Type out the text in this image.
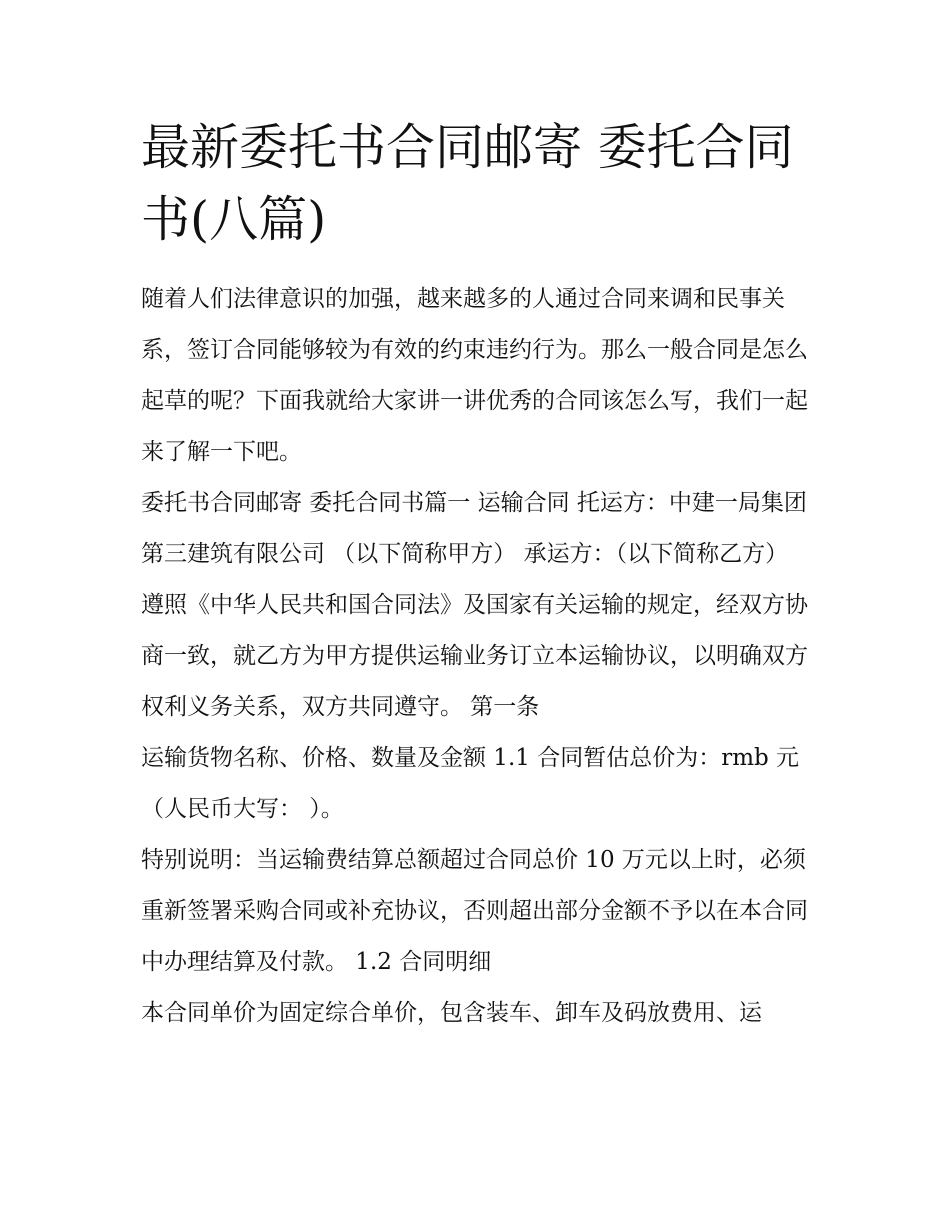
最新委托书合同邮寄 委托合同书(八篇)

随着人们法律意识的加强，越来越多的人通过合同来调和民事关系，签订合同能够较为有效的约束违约行为。那么一般合同是怎么起草的呢？下面我就给大家讲一讲优秀的合同该怎么写，我们一起来了解一下吧。

委托书合同邮寄 委托合同书篇一 运输合同 托运方：中建一局集团第三建筑有限公司 （以下简称甲方） 承运方：（以下简称乙方）

遵照《中华人民共和国合同法》及国家有关运输的规定，经双方协商一致，就乙方为甲方提供运输业务订立本运输协议，以明确双方权利义务关系，双方共同遵守。 第一条

运输货物名称、价格、数量及金额 1.1 合同暂估总价为：rmb 元（人民币大写： ）。

特别说明：当运输费结算总额超过合同总价 10 万元以上时，必须重新签署采购合同或补充协议，否则超出部分金额不予以在本合同中办理结算及付款。 1.2 合同明细

本合同单价为固定综合单价，包含装车、卸车及码放费用、运
